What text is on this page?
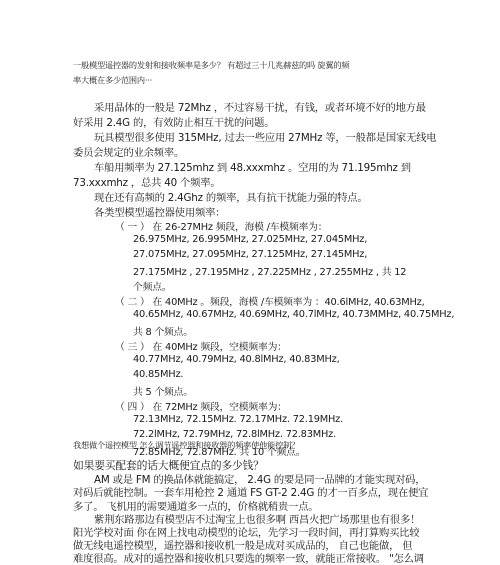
一般模型遥控器的发射和接收频率是多少？ 有超过三十几兆赫兹的吗 旋翼的频
率大概在多少范围内···
采用晶体的一般是 72Mhz ，不过容易干扰，有钱，或者环境不好的地方最
好采用 2.4G 的，有效防止相互干扰的问题。
玩具模型很多使用 315MHz, 过去一些应用 27MHz 等，一般都是国家无线电
委员会规定的业余频率。
车船用频率为 27.125mhz 到 48.xxxmhz 。空用的为 71.195mhz 到
73.xxxmhz ，总共 40 个频率。
现在还有高频的 2.4Ghz 的频率，具有抗干扰能力强的特点。
各类型模型遥控器使用频率：
（ 一 ） 在 26-27MHz 频段，海模 /车模频率为：
26.975MHz, 26.995MHz, 27.025MHz, 27.045MHz,
27.075MHz, 27.095MHz, 27.125MHz, 27.145MHz,
27.175MHz , 27.195MHz , 27.225MHz , 27.255MHz , 共 12
个频点。
（ 二 ） 在 40MHz 。频段，海模 /车模频率为 ：40.6lMHz, 40.63MHz,
40.65MHz, 40.67MHz, 40.69MHz, 40.7lMHz, 40.73MMHz, 40.75MHz,
共 8 个频点。
（ 三 ） 在 40MHz 频段，空模频率为：
40.77MHz, 40.79MHz, 40.8lMHz, 40.83MHz,
40.85MHz.
共 5 个频点。
（ 四 ） 在 72MHz 频段，空模频率为：
72.13MHz, 72.15MHz. 72.17MHz. 72.19MHz.
72.2lMHz, 72.79MHz, 72.8lMHz. 72.83MHz.
72.85MHz, 72.87MHz. 共 10 个频点。
我想做个遥控模型 怎么调节遥控器和接收器的频率使他能控制？
如果要买配套的话大概便宜点的多少钱？
AM 或是 FM 的换晶体就能搞定， 2.4G 的要是同一品牌的才能实现对码，
对码后就能控制。一套车用枪控 2 通道 FS GT-2 2.4G 的才一百多点，现在便宜
多了。 飞机用的需要通道多一点的，价格就稍贵一点。
紫荆东路那边有模型店不过淘宝上也很多啊 西昌火把广场那里也有很多！
阳光学校对面 你在网上找电动模型的论坛，先学习一段时间，再打算购买比较
做无线电遥控模型，遥控器和接收机一般是成对买成品的， 自己也能做， 但
难度很高。成对的遥控器和接收机只要选的频率一致，就能正常接收。 "怎么调
